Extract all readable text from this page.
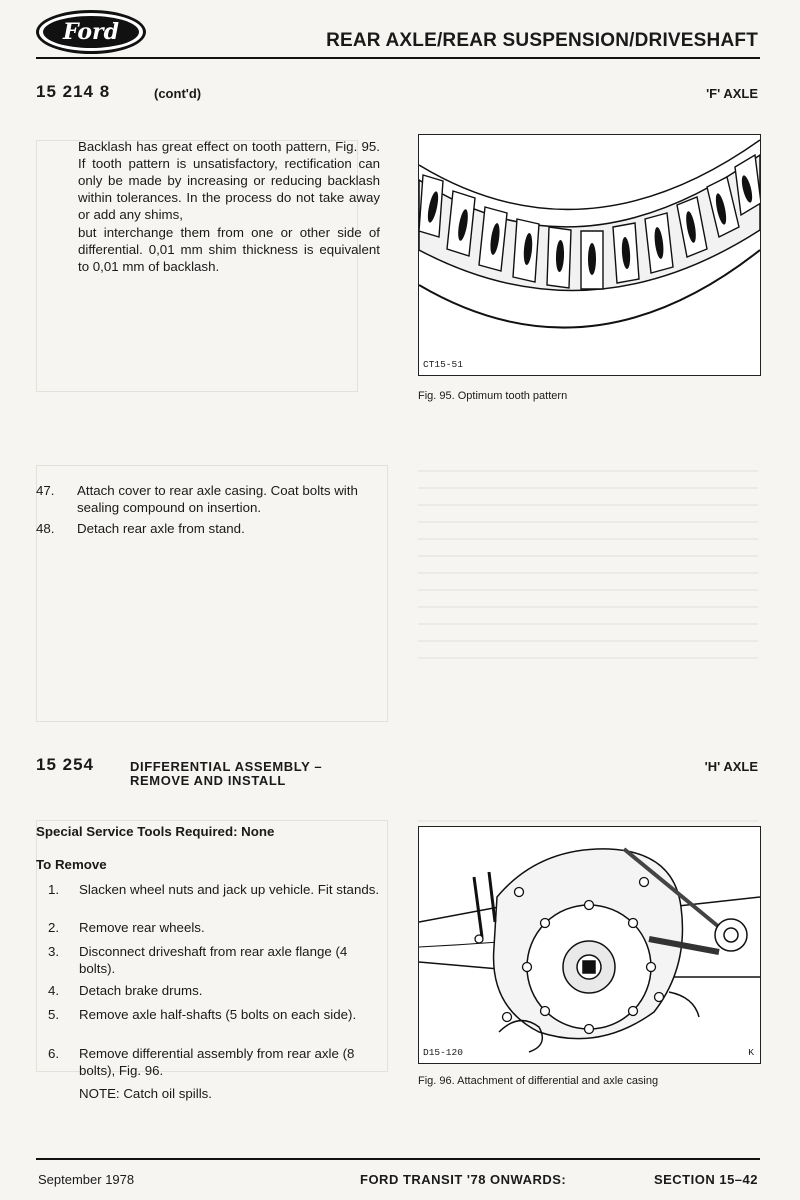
Ford	REAR AXLE/REAR SUSPENSION/DRIVESHAFT
15 214 8	(cont'd)	'F' AXLE
Backlash has great effect on tooth pattern, Fig. 95. If tooth pattern is unsatisfactory, rectification can only be made by increasing or reducing backlash within tolerances. In the process do not take away or add any shims,
but interchange them from one or other side of differential. 0,01 mm shim thickness is equivalent to 0,01 mm of backlash.
CT15-51
Fig. 95. Optimum tooth pattern
47. Attach cover to rear axle casing. Coat bolts with sealing compound on insertion.
48. Detach rear axle from stand.
15 254	DIFFERENTIAL ASSEMBLY –
REMOVE AND INSTALL
'H' AXLE
Special Service Tools Required: None
To Remove
1. Slacken wheel nuts and jack up vehicle. Fit stands.
2. Remove rear wheels.
3. Disconnect driveshaft from rear axle flange (4 bolts).
4. Detach brake drums.
5. Remove axle half-shafts (5 bolts on each side).
6. Remove differential assembly from rear axle (8 bolts), Fig. 96.
NOTE: Catch oil spills.
D15-120	K
Fig. 96. Attachment of differential and axle casing
September 1978	FORD TRANSIT '78 ONWARDS:	SECTION 15–42
